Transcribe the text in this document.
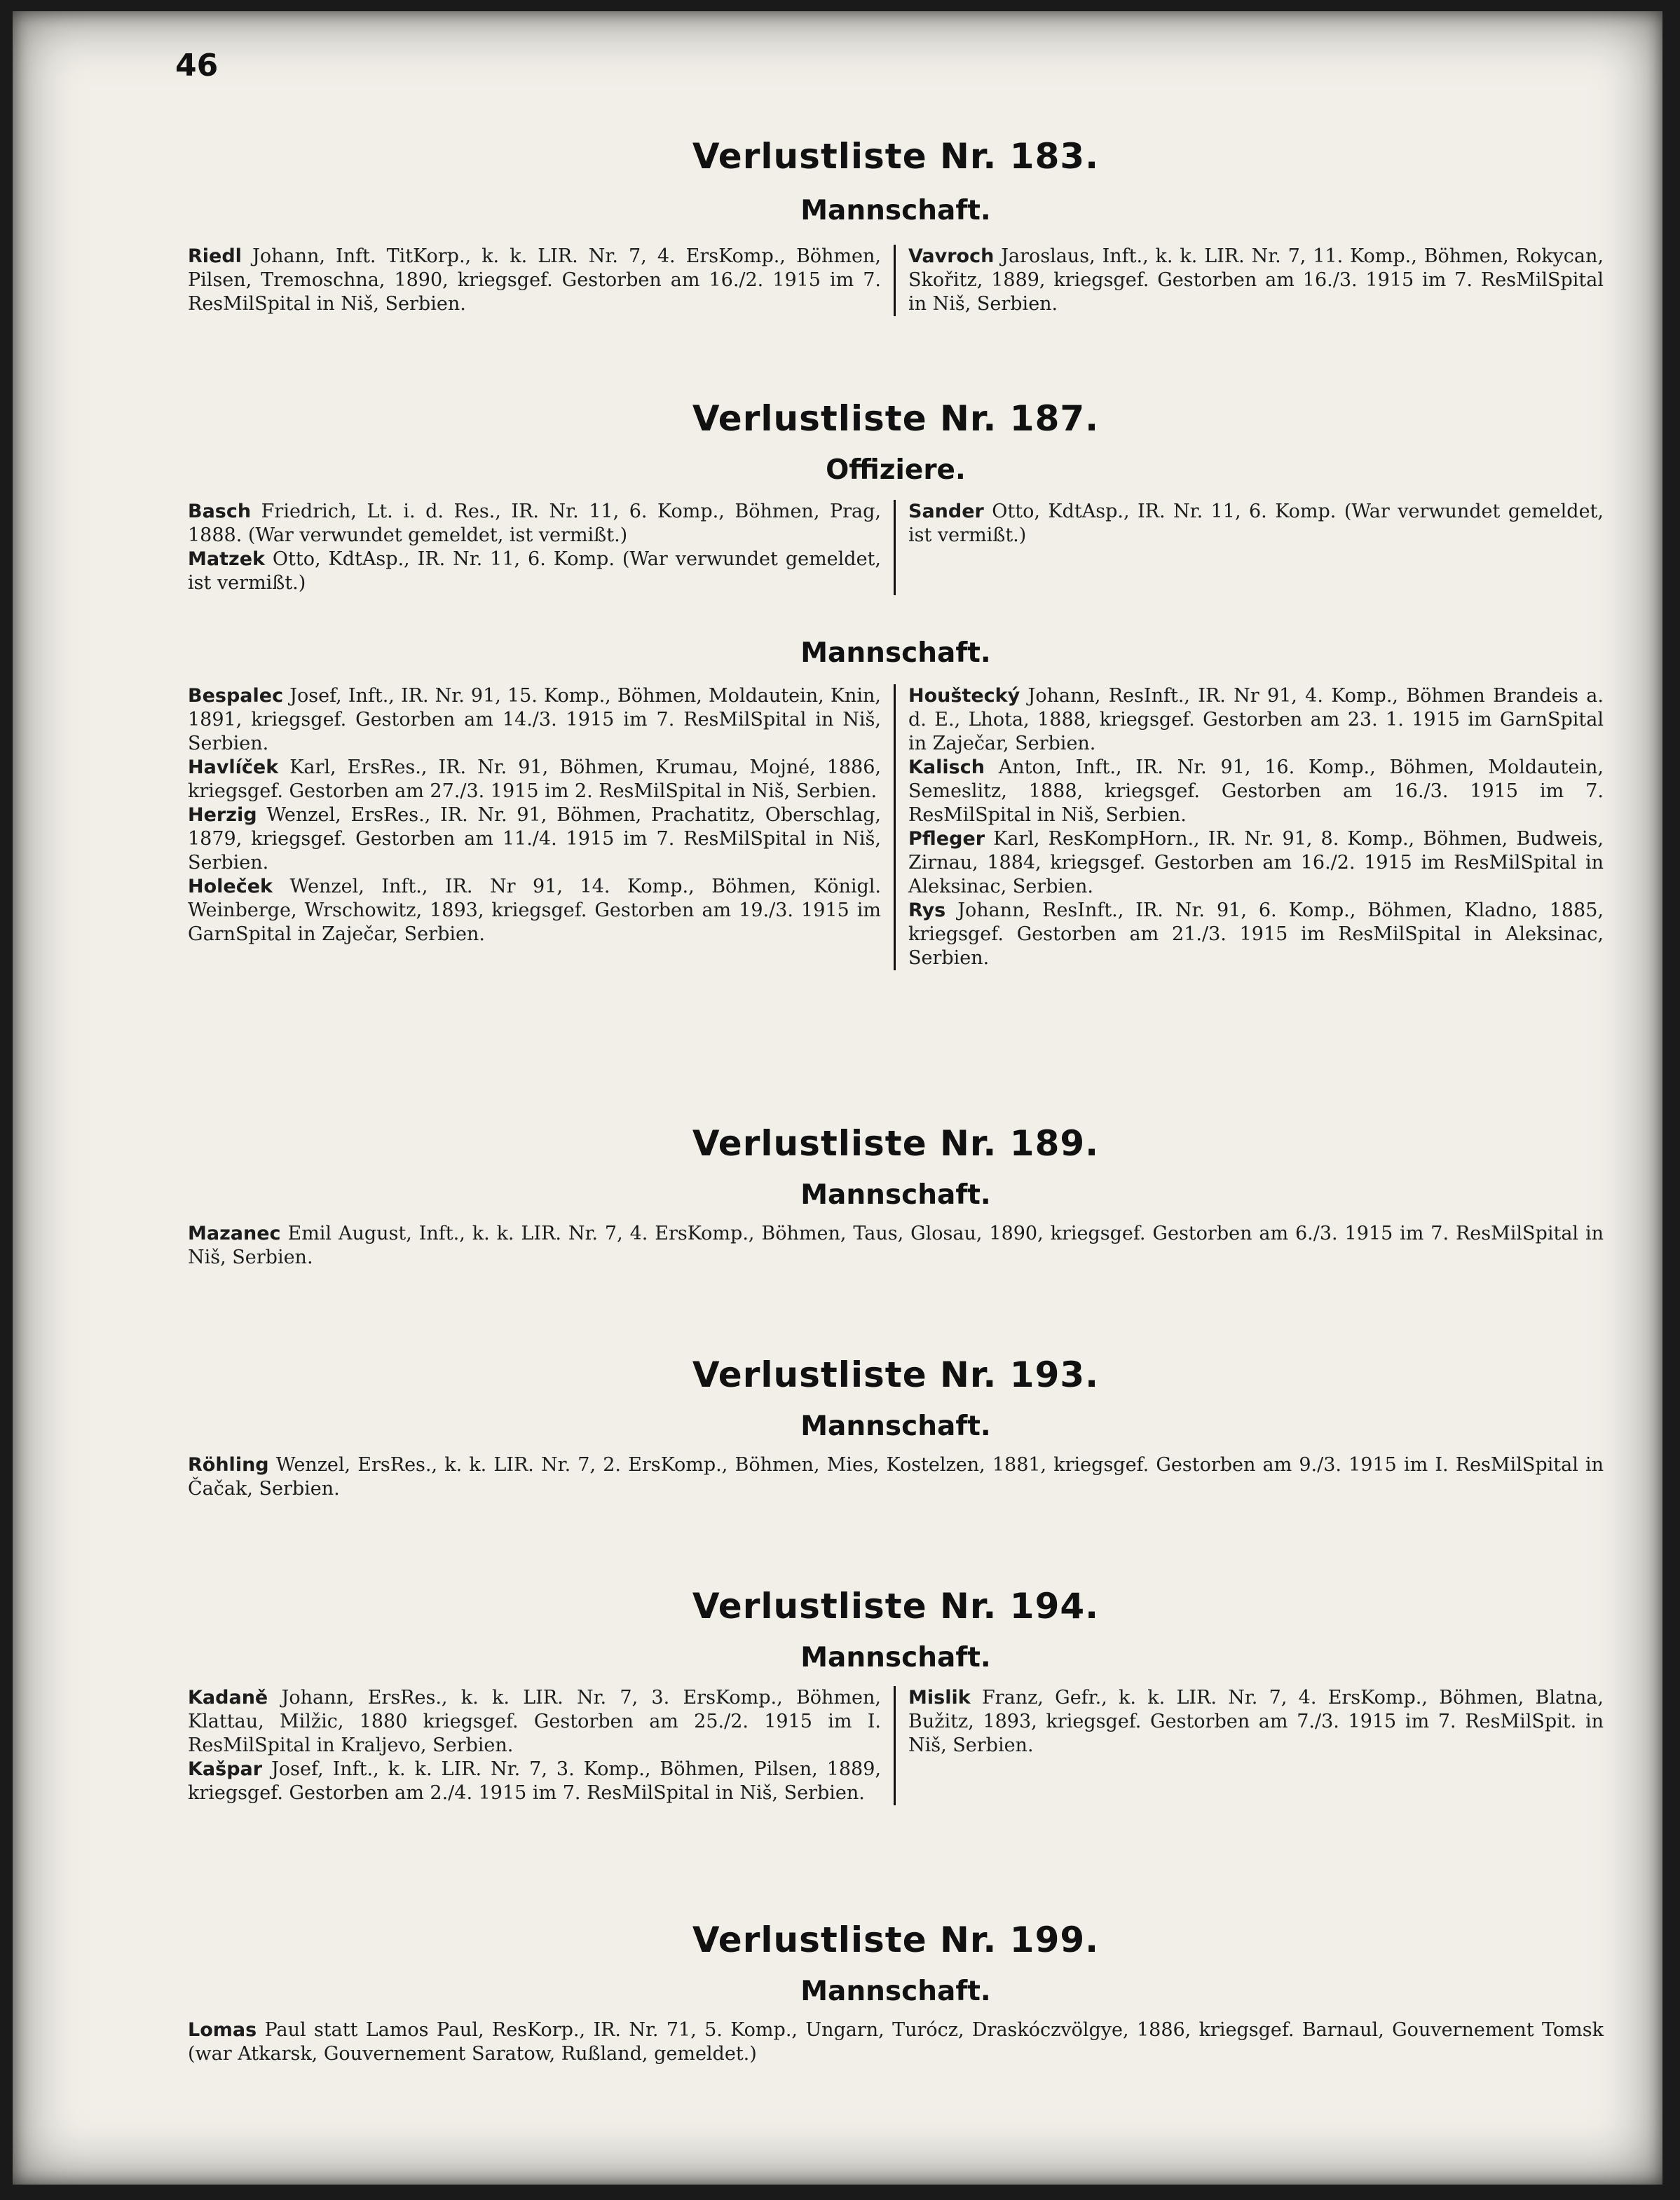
46
Verlustliste Nr. 183.
Mannschaft.

Riedl Johann, Inft. TitKorp., k. k. LIR. Nr. 7, 4. ErsKomp., Böhmen, Pilsen, Tremoschna, 1890, kriegsgef. Gestorben am 16./2. 1915 im 7. ResMilSpital in Niš, Serbien.

Vavroch Jaroslaus, Inft., k. k. LIR. Nr. 7, 11. Komp., Böhmen, Rokycan, Skořitz, 1889, kriegsgef. Gestorben am 16./3. 1915 im 7. ResMilSpital in Niš, Serbien.

Verlustliste Nr. 187.
Offiziere.

Basch Friedrich, Lt. i. d. Res., IR. Nr. 11, 6. Komp., Böhmen, Prag, 1888. (War verwundet gemeldet, ist vermißt.)

Matzek Otto, KdtAsp., IR. Nr. 11, 6. Komp. (War verwundet gemeldet, ist vermißt.)

Sander Otto, KdtAsp., IR. Nr. 11, 6. Komp. (War verwundet gemeldet, ist vermißt.)

Mannschaft.

Bespalec Josef, Inft., IR. Nr. 91, 15. Komp., Böhmen, Moldautein, Knin, 1891, kriegsgef. Gestorben am 14./3. 1915 im 7. ResMilSpital in Niš, Serbien.

Havlíček Karl, ErsRes., IR. Nr. 91, Böhmen, Krumau, Mojné, 1886, kriegsgef. Gestorben am 27./3. 1915 im 2. ResMilSpital in Niš, Serbien.

Herzig Wenzel, ErsRes., IR. Nr. 91, Böhmen, Prachatitz, Oberschlag, 1879, kriegsgef. Gestorben am 11./4. 1915 im 7. ResMilSpital in Niš, Serbien.

Holeček Wenzel, Inft., IR. Nr 91, 14. Komp., Böhmen, Königl. Weinberge, Wrschowitz, 1893, kriegsgef. Gestorben am 19./3. 1915 im GarnSpital in Zaječar, Serbien.

Houštecký Johann, ResInft., IR. Nr 91, 4. Komp., Böhmen Brandeis a. d. E., Lhota, 1888, kriegsgef. Gestorben am 23. 1. 1915 im GarnSpital in Zaječar, Serbien.

Kalisch Anton, Inft., IR. Nr. 91, 16. Komp., Böhmen, Moldautein, Semeslitz, 1888, kriegsgef. Gestorben am 16./3. 1915 im 7. ResMilSpital in Niš, Serbien.

Pfleger Karl, ResKompHorn., IR. Nr. 91, 8. Komp., Böhmen, Budweis, Zirnau, 1884, kriegsgef. Gestorben am 16./2. 1915 im ResMilSpital in Aleksinac, Serbien.

Rys Johann, ResInft., IR. Nr. 91, 6. Komp., Böhmen, Kladno, 1885, kriegsgef. Gestorben am 21./3. 1915 im ResMilSpital in Aleksinac, Serbien.

Verlustliste Nr. 189.
Mannschaft.

Mazanec Emil August, Inft., k. k. LIR. Nr. 7, 4. ErsKomp., Böhmen, Taus, Glosau, 1890, kriegsgef. Gestorben am 6./3. 1915 im 7. ResMilSpital in Niš, Serbien.

Verlustliste Nr. 193.
Mannschaft.

Röhling Wenzel, ErsRes., k. k. LIR. Nr. 7, 2. ErsKomp., Böhmen, Mies, Kostelzen, 1881, kriegsgef. Gestorben am 9./3. 1915 im I. ResMilSpital in Čačak, Serbien.

Verlustliste Nr. 194.
Mannschaft.

Kadaně Johann, ErsRes., k. k. LIR. Nr. 7, 3. ErsKomp., Böhmen, Klattau, Milžic, 1880 kriegsgef. Gestorben am 25./2. 1915 im I. ResMilSpital in Kraljevo, Serbien.

Kašpar Josef, Inft., k. k. LIR. Nr. 7, 3. Komp., Böhmen, Pilsen, 1889, kriegsgef. Gestorben am 2./4. 1915 im 7. ResMilSpital in Niš, Serbien.

Mislik Franz, Gefr., k. k. LIR. Nr. 7, 4. ErsKomp., Böhmen, Blatna, Bužitz, 1893, kriegsgef. Gestorben am 7./3. 1915 im 7. ResMilSpit. in Niš, Serbien.

Verlustliste Nr. 199.
Mannschaft.

Lomas Paul statt Lamos Paul, ResKorp., IR. Nr. 71, 5. Komp., Ungarn, Turócz, Draskóczvölgye, 1886, kriegsgef. Barnaul, Gouvernement Tomsk (war Atkarsk, Gouvernement Saratow, Rußland, gemeldet.)
